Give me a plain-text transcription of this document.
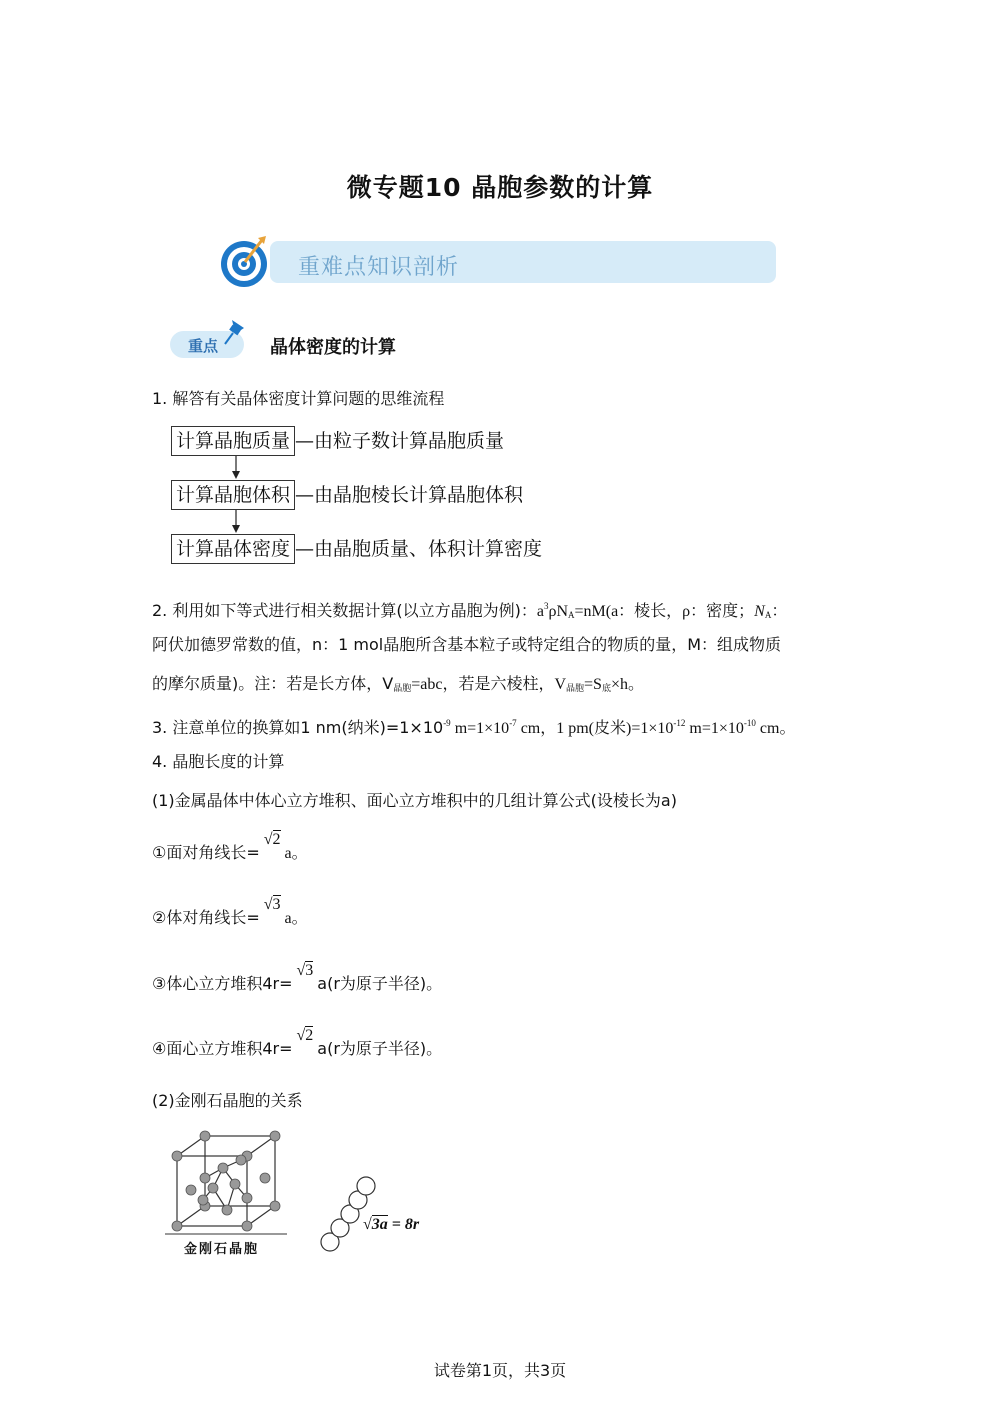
微专题10 晶胞参数的计算
重难点知识剖析
重点	晶体密度的计算
1. 解答有关晶体密度计算问题的思维流程
计算晶胞质量 —由粒子数计算晶胞质量
计算晶胞体积 —由晶胞棱长计算晶胞体积
计算晶体密度 —由晶胞质量、体积计算密度
2. 利用如下等式进行相关数据计算(以立方晶胞为例)：$a^3\rho N_A=nM(a$：棱长，ρ：密度；$N_A$：
阿伏加德罗常数的值，n：1 mol晶胞所含基本粒子或特定组合的物质的量，M：组成物质
的摩尔质量)。注：若是长方体，$V_{晶胞}=abc$，若是六棱柱，$V_{晶胞}=S_底\times h$。
3. 注意单位的换算如1 nm(纳米)$=1\times 10^{-9}$ $m=1\times 10^{-7}$ cm，1 pm(皮米)$=1\times 10^{-12}$ $m=1\times 10^{-10}$ cm。
4. 晶胞长度的计算
(1)金属晶体中体心立方堆积、面心立方堆积中的几组计算公式(设棱长为a)
①面对角线长=√2a。
②体对角线长=√3a。
③体心立方堆积4r=√3a(r为原子半径)。
④面心立方堆积4r=√2a(r为原子半径)。
(2)金刚石晶胞的关系
金刚石晶胞
√3a = 8r
试卷第1页，共3页
